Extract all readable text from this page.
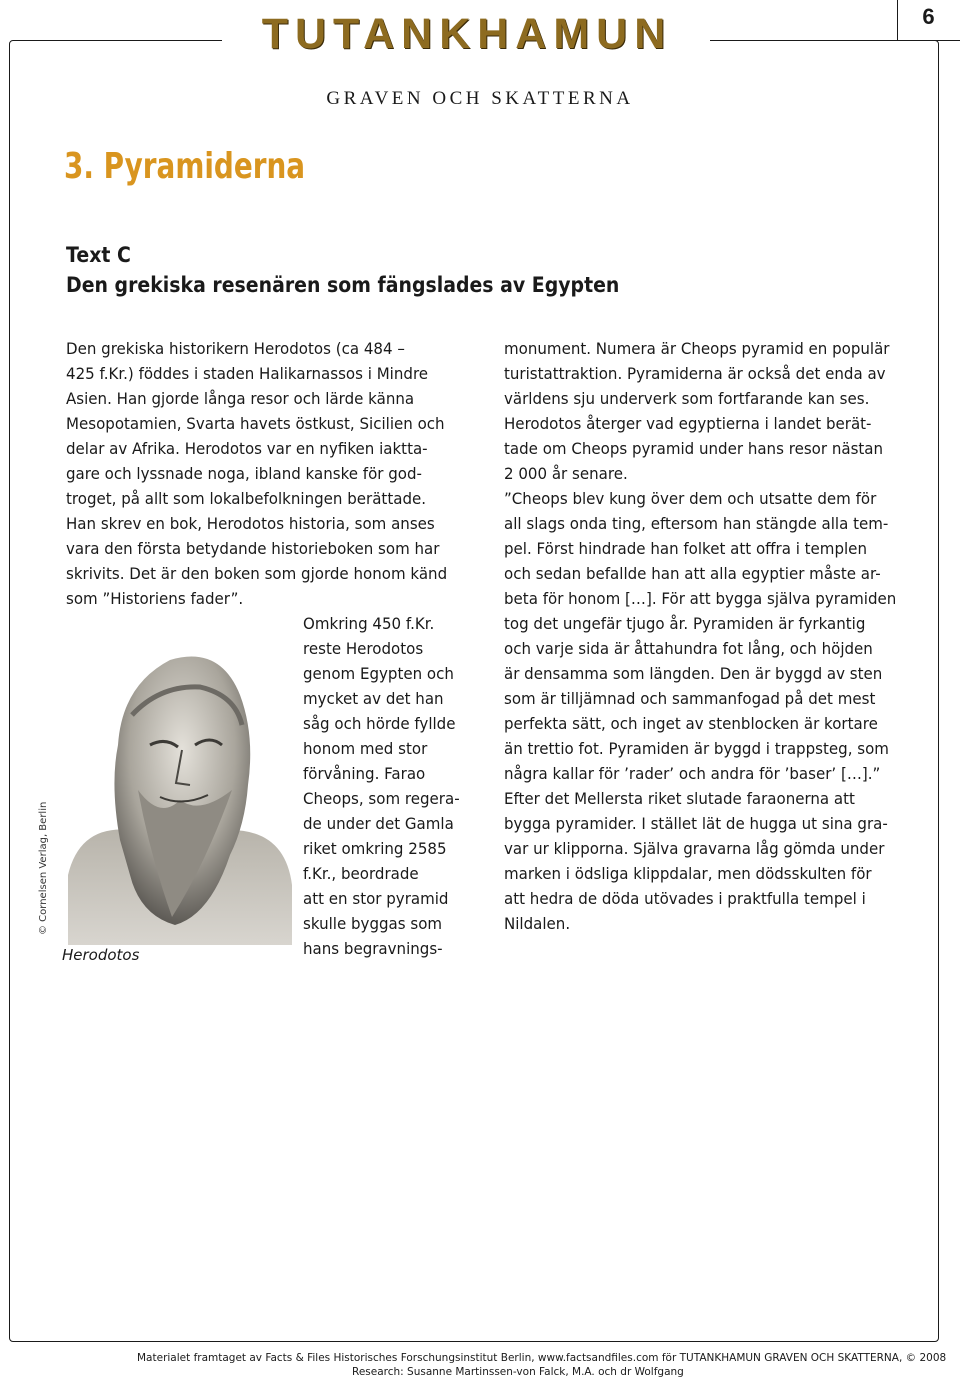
6
TUTANKHAMUN
GRAVEN OCH SKATTERNA
3. Pyramiderna
Text C
Den grekiska resenären som fängslades av Egypten
Den grekiska historikern Herodotos (ca 484 –
425 f.Kr.) föddes i staden Halikarnassos i Mindre
Asien. Han gjorde långa resor och lärde känna
Mesopotamien, Svarta havets östkust, Sicilien och
delar av Afrika. Herodotos var en nyfiken iaktta-
gare och lyssnade noga, ibland kanske för god-
troget, på allt som lokalbefolkningen berättade.
Han skrev en bok, Herodotos historia, som anses
vara den första betydande historieboken som har
skrivits. Det är den boken som gjorde honom känd
som ”Historiens fader”.
Omkring 450 f.Kr.
reste Herodotos
genom Egypten och
mycket av det han
såg och hörde fyllde
honom med stor
förvåning. Farao
Cheops, som regera-
de under det Gamla
riket omkring 2585
f.Kr., beordrade
att en stor pyramid
skulle byggas som
hans begravnings-
monument. Numera är Cheops pyramid en populär
turistattraktion. Pyramiderna är också det enda av
världens sju underverk som fortfarande kan ses.
Herodotos återger vad egyptierna i landet berät-
tade om Cheops pyramid under hans resor nästan
2 000 år senare.
”Cheops blev kung över dem och utsatte dem för
all slags onda ting, eftersom han stängde alla tem-
pel. Först hindrade han folket att offra i templen
och sedan befallde han att alla egyptier måste ar-
beta för honom […]. För att bygga själva pyramiden
tog det ungefär tjugo år. Pyramiden är fyrkantig
och varje sida är åttahundra fot lång, och höjden
är densamma som längden. Den är byggd av sten
som är tilljämnad och sammanfogad på det mest
perfekta sätt, och inget av stenblocken är kortare
än trettio fot. Pyramiden är byggd i trappsteg, som
några kallar för ’rader’ och andra för ’baser’ […].”
Efter det Mellersta riket slutade faraonerna att
bygga pyramider. I stället lät de hugga ut sina gra-
var ur klipporna. Själva gravarna låg gömda under
marken i ödsliga klippdalar, men dödsskulten för
att hedra de döda utövades i praktfulla tempel i
Nildalen.
Herodotos
© Cornelsen Verlag, Berlin
Materialet framtaget av Facts & Files Historisches Forschungsinstitut Berlin, www.factsandfiles.com för TUTANKHAMUN GRAVEN OCH SKATTERNA, © 2008
Research: Susanne Martinssen-von Falck, M.A. och dr Wolfgang
